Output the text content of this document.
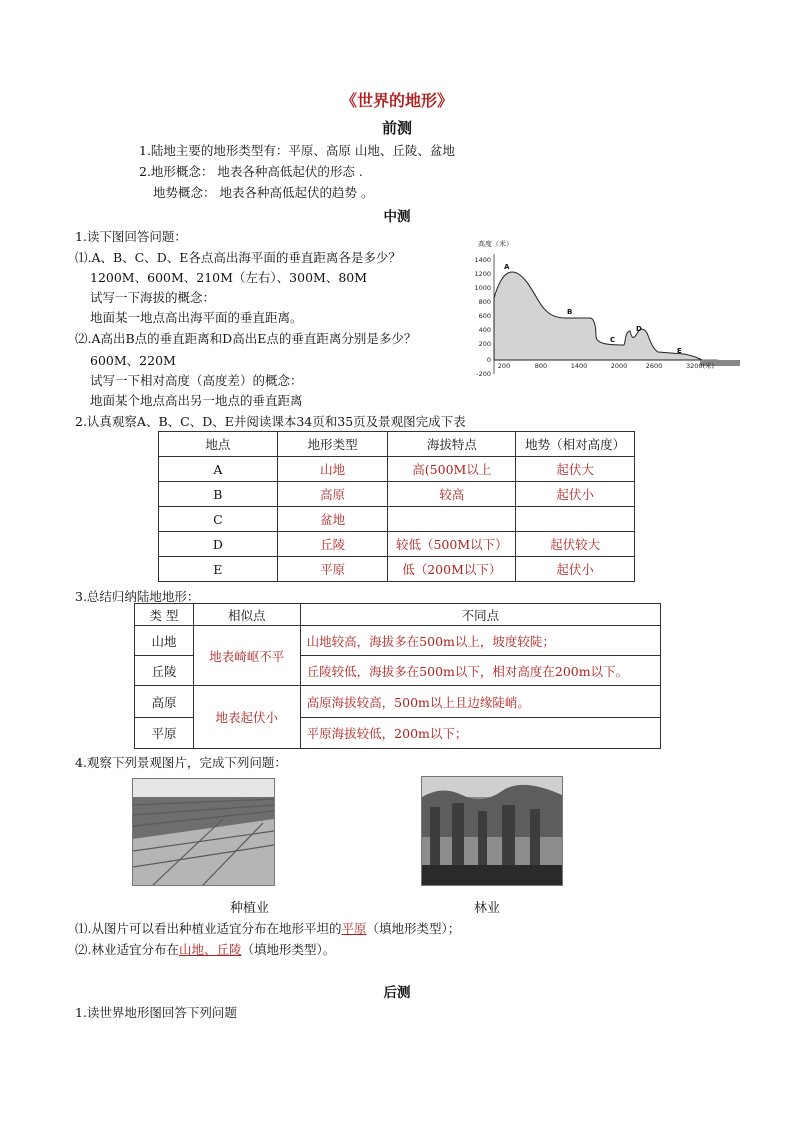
《世界的地形》
前测
1.陆地主要的地形类型有：平原、高原 山地、丘陵、盆地
2.地形概念： 地表各种高低起伏的形态 .
地势概念： 地表各种高低起伏的趋势 。
中测
1.读下图回答问题：
⑴.A、B、C、D、E各点高出海平面的垂直距离各是多少？
1200M、600M、210M（左右）、300M、80M
试写一下海拔的概念：
地面某一地点高出海平面的垂直距离。
⑵.A高出B点的垂直距离和D高出E点的垂直距离分别是多少？
600M、220M
试写一下相对高度（高度差）的概念：
地面某个地点高出另一地点的垂直距离
高度（米）
1400
1200
1000
800
600
400
200
0
-200
A
B
C
D
E
200	800	1400	2000	2600	3200(米)
2.认真观察A、B、C、D、E并阅读课本34页和35页及景观图完成下表
地点	地形类型	海拔特点	地势（相对高度）
A	山地	高(500M以上	起伏大
B	高原	较高	起伏小
C	盆地		
D	丘陵	较低（500M以下）	起伏较大
E	平原	低（200M以下）	起伏小
3.总结归纳陆地地形：
类 型	相似点	不同点
山地	地表崎岖不平	山地较高，海拔多在500m以上，坡度较陡；
丘陵		丘陵较低，海拔多在500m以下，相对高度在200m以下。
高原	地表起伏小	高原海拔较高，500m以上且边缘陡峭。
平原		平原海拔较低，200m以下；
4.观察下列景观图片，完成下列问题：
种植业	林业
⑴.从图片可以看出种植业适宜分布在地形平坦的平原（填地形类型）；
⑵.林业适宜分布在山地、丘陵（填地形类型）。
后测
1.读世界地形图回答下列问题
